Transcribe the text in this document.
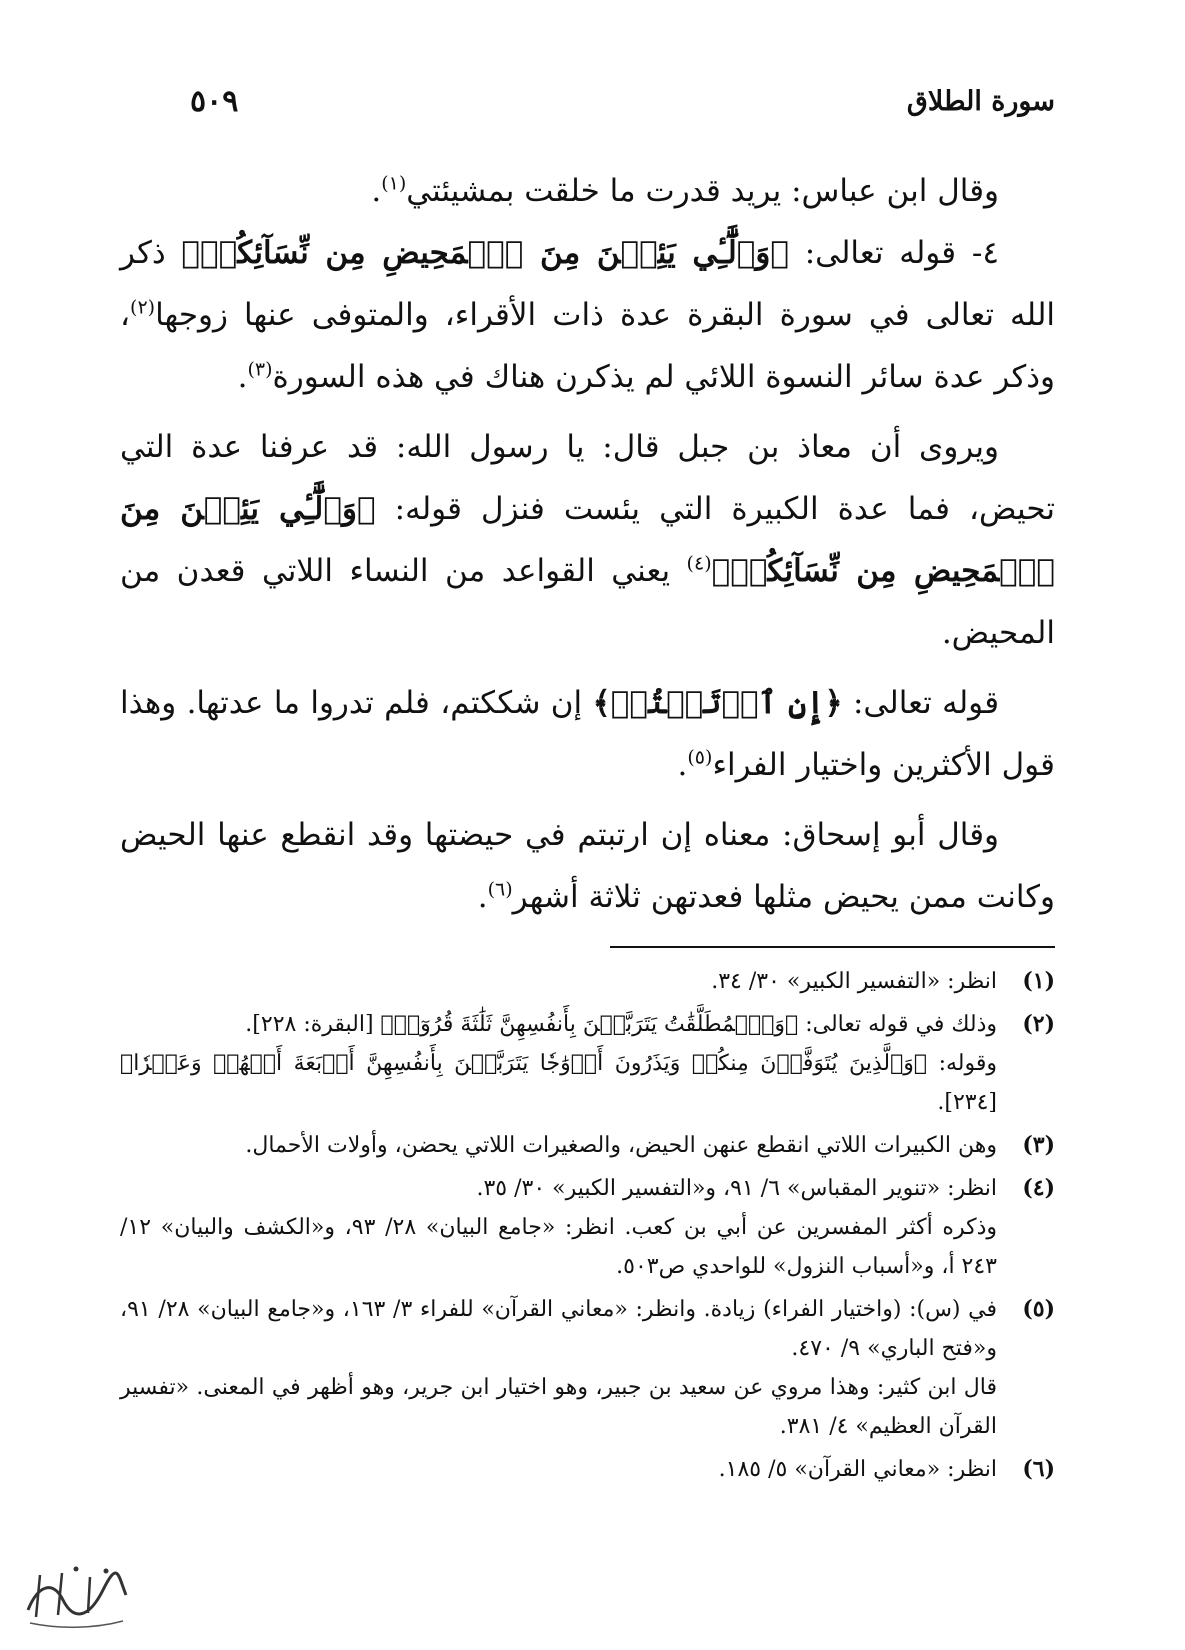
سورة الطلاق
٥٠٩

وقال ابن عباس: يريد قدرت ما خلقت بمشيئتي$^{(١)}$.

٤- قوله تعالى: ﴿وَٱلَّٰٓـِٔي يَئِسۡنَ مِنَ ٱلۡمَحِيضِ مِن نِّسَآئِكُمۡ﴾ ذكر الله تعالى في سورة البقرة عدة ذات الأقراء، والمتوفى عنها زوجها$^{(٢)}$، وذكر عدة سائر النسوة اللائي لم يذكرن هناك في هذه السورة$^{(٣)}$.

ويروى أن معاذ بن جبل قال: يا رسول الله: قد عرفنا عدة التي تحيض، فما عدة الكبيرة التي يئست فنزل قوله: ﴿وَٱلَّٰٓـِٔي يَئِسۡنَ مِنَ ٱلۡمَحِيضِ مِن نِّسَآئِكُمۡ﴾$^{(٤)}$ يعني القواعد من النساء اللاتي قعدن من المحيض.

قوله تعالى: ﴿إِنِ ٱرۡتَبۡتُمۡ﴾ إن شككتم، فلم تدروا ما عدتها. وهذا قول الأكثرين واختيار الفراء$^{(٥)}$.

وقال أبو إسحاق: معناه إن ارتبتم في حيضتها وقد انقطع عنها الحيض وكانت ممن يحيض مثلها فعدتهن ثلاثة أشهر$^{(٦)}$.

(١)
انظر: «التفسير الكبير» ٣٠/ ٣٤.
(٢)
وذلك في قوله تعالى: ﴿وَٱلۡمُطَلَّقَٰتُ يَتَرَبَّصۡنَ بِأَنفُسِهِنَّ ثَلَٰثَةَ قُرُوٓءٖ﴾ [البقرة: ٢٢٨].
وقوله: ﴿وَٱلَّذِينَ يُتَوَفَّوۡنَ مِنكُمۡ وَيَذَرُونَ أَزۡوَٰجٗا يَتَرَبَّصۡنَ بِأَنفُسِهِنَّ أَرۡبَعَةَ أَشۡهُرٖ وَعَشۡرٗا﴾ [٢٣٤].
(٣)
وهن الكبيرات اللاتي انقطع عنهن الحيض، والصغيرات اللاتي يحضن، وأولات الأحمال.
(٤)
انظر: «تنوير المقباس» ٦/ ٩١، و«التفسير الكبير» ٣٠/ ٣٥.
وذكره أكثر المفسرين عن أبي بن كعب. انظر: «جامع البيان» ٢٨/ ٩٣، و«الكشف والبيان» ١٢/ ٢٤٣ أ، و«أسباب النزول» للواحدي ص٥٠٣.
(٥)
في (س): (واختيار الفراء) زيادة. وانظر: «معاني القرآن» للفراء ٣/ ١٦٣، و«جامع البيان» ٢٨/ ٩١، و«فتح الباري» ٩/ ٤٧٠.
قال ابن كثير: وهذا مروي عن سعيد بن جبير، وهو اختيار ابن جرير، وهو أظهر في المعنى. «تفسير القرآن العظيم» ٤/ ٣٨١.
(٦)
انظر: «معاني القرآن» ٥/ ١٨٥.
